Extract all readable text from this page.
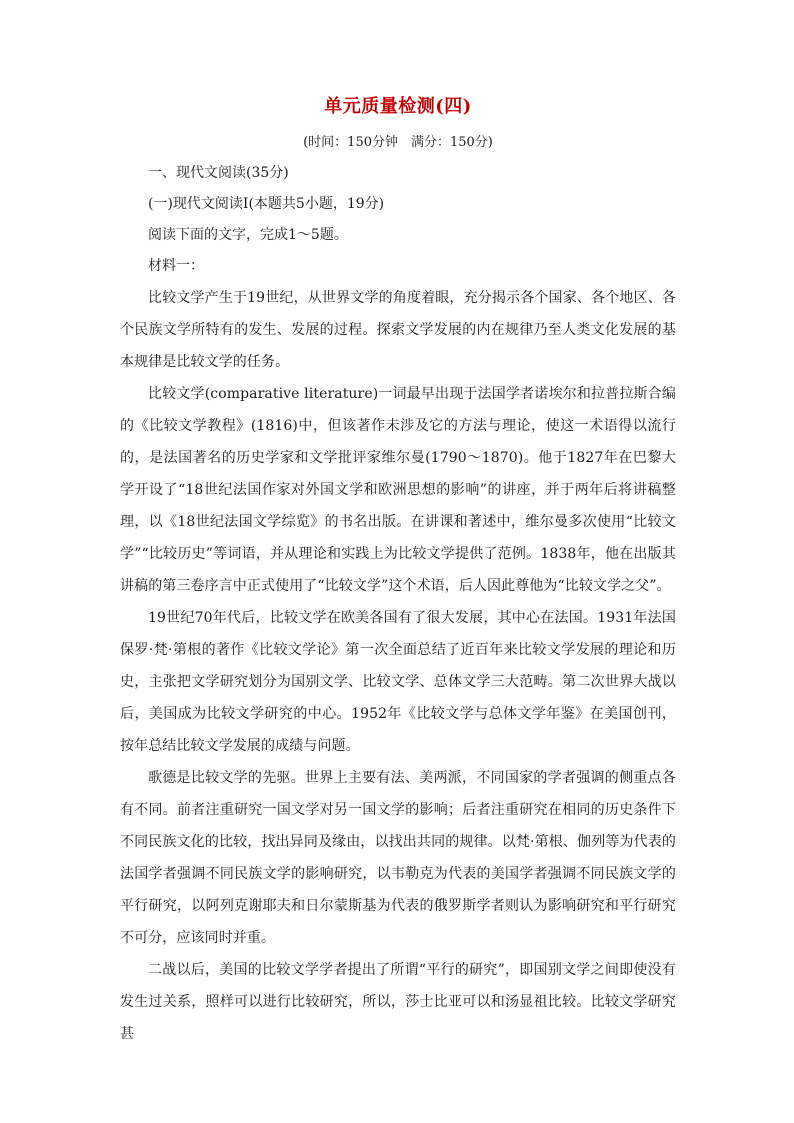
单元质量检测(四)

(时间：150分钟　满分：150分)

一、现代文阅读(35分)

(一)现代文阅读Ⅰ(本题共5小题，19分)

阅读下面的文字，完成1～5题。

材料一：

比较文学产生于19世纪，从世界文学的角度着眼，充分揭示各个国家、各个地区、各个民族文学所特有的发生、发展的过程。探索文学发展的内在规律乃至人类文化发展的基本规律是比较文学的任务。

比较文学(comparative literature)一词最早出现于法国学者诺埃尔和拉普拉斯合编的《比较文学教程》(1816)中，但该著作未涉及它的方法与理论，使这一术语得以流行的，是法国著名的历史学家和文学批评家维尔曼(1790～1870)。他于1827年在巴黎大学开设了“18世纪法国作家对外国文学和欧洲思想的影响”的讲座，并于两年后将讲稿整理，以《18世纪法国文学综览》的书名出版。在讲课和著述中，维尔曼多次使用“比较文学”“比较历史”等词语，并从理论和实践上为比较文学提供了范例。1838年，他在出版其讲稿的第三卷序言中正式使用了“比较文学”这个术语，后人因此尊他为“比较文学之父”。

19世纪70年代后，比较文学在欧美各国有了很大发展，其中心在法国。1931年法国保罗·梵·第根的著作《比较文学论》第一次全面总结了近百年来比较文学发展的理论和历史，主张把文学研究划分为国别文学、比较文学、总体文学三大范畴。第二次世界大战以后，美国成为比较文学研究的中心。1952年《比较文学与总体文学年鉴》在美国创刊，按年总结比较文学发展的成绩与问题。

歌德是比较文学的先驱。世界上主要有法、美两派，不同国家的学者强调的侧重点各有不同。前者注重研究一国文学对另一国文学的影响；后者注重研究在相同的历史条件下不同民族文化的比较，找出异同及缘由，以找出共同的规律。以梵·第根、伽列等为代表的法国学者强调不同民族文学的影响研究，以韦勒克为代表的美国学者强调不同民族文学的平行研究，以阿列克谢耶夫和日尔蒙斯基为代表的俄罗斯学者则认为影响研究和平行研究不可分，应该同时并重。

二战以后，美国的比较文学学者提出了所谓“平行的研究”，即国别文学之间即使没有发生过关系，照样可以进行比较研究，所以，莎士比亚可以和汤显祖比较。比较文学研究甚
